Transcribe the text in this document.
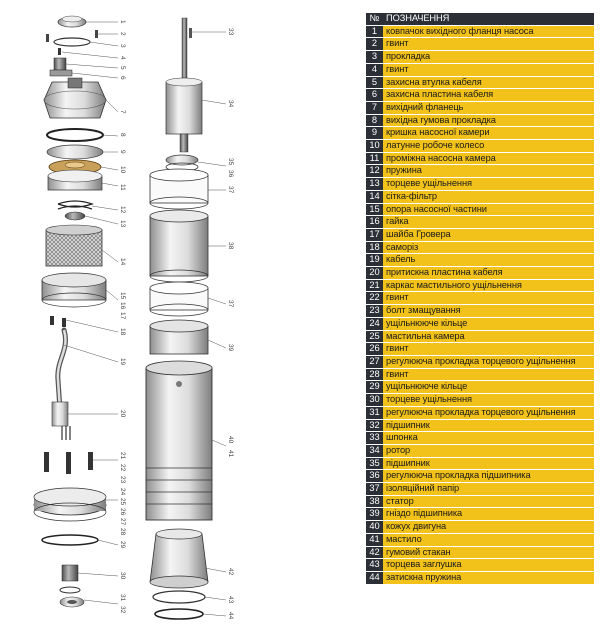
1
2
3
4
5
6
7
8
9
10
11
12
13
14
15
16
17
18
19
20
21
22
23
24
25
26
27
28
29
30
31
32
33
34
35
36
37
38
37
39
40
41
42
43
44
№	ПОЗНАЧЕННЯ
1	ковпачок вихідного фланця насоса
2	гвинт
3	прокладка
4	гвинт
5	захисна втулка кабеля
6	захисна пластина кабеля
7	вихідний фланець
8	вихідна гумова прокладка
9	кришка насосної камери
10	латунне робоче колесо
11	проміжна насосна камера
12	пружина
13	торцеве ущільнення
14	сітка-фільтр
15	опора насосної частини
16	гайка
17	шайба Гровера
18	саморіз
19	кабель
20	притискна пластина кабеля
21	каркас мастильного ущільнення
22	гвинт
23	болт змащування
24	ущільнююче кільце
25	мастильна камера
26	гвинт
27	регулююча прокладка торцевого ущільнення
28	гвинт
29	ущільнююче кільце
30	торцеве ущільнення
31	регулююча прокладка торцевого ущільнення
32	підшипник
33	шпонка
34	ротор
35	підшипник
36	регулююча прокладка підшипника
37	ізоляційний папір
38	статор
39	гніздо підшипника
40	кожух двигуна
41	мастило
42	гумовий стакан
43	торцева заглушка
44	затискна пружина
